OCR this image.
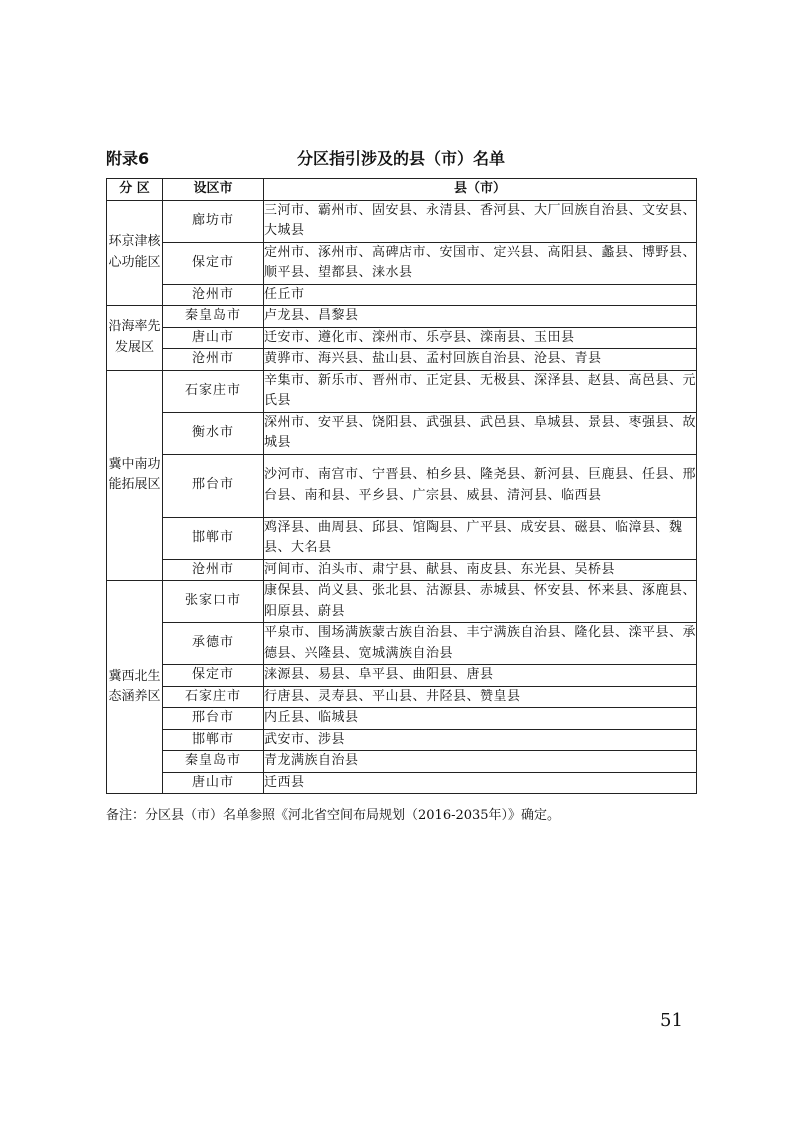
附录6	分区指引涉及的县（市）名单
分 区	设区市	县（市）
环京津核心功能区	廊坊市	三河市、霸州市、固安县、永清县、香河县、大厂回族自治县、文安县、大城县
	保定市	定州市、涿州市、高碑店市、安国市、定兴县、高阳县、蠡县、博野县、顺平县、望都县、涞水县
	沧州市	任丘市
沿海率先发展区	秦皇岛市	卢龙县、昌黎县
	唐山市	迁安市、遵化市、滦州市、乐亭县、滦南县、玉田县
	沧州市	黄骅市、海兴县、盐山县、孟村回族自治县、沧县、青县
冀中南功能拓展区	石家庄市	辛集市、新乐市、晋州市、正定县、无极县、深泽县、赵县、高邑县、元氏县
	衡水市	深州市、安平县、饶阳县、武强县、武邑县、阜城县、景县、枣强县、故城县
	邢台市	沙河市、南宫市、宁晋县、柏乡县、隆尧县、新河县、巨鹿县、任县、邢台县、南和县、平乡县、广宗县、威县、清河县、临西县
	邯郸市	鸡泽县、曲周县、邱县、馆陶县、广平县、成安县、磁县、临漳县、魏县、大名县
	沧州市	河间市、泊头市、肃宁县、献县、南皮县、东光县、吴桥县
冀西北生态涵养区	张家口市	康保县、尚义县、张北县、沽源县、赤城县、怀安县、怀来县、涿鹿县、阳原县、蔚县
	承德市	平泉市、围场满族蒙古族自治县、丰宁满族自治县、隆化县、滦平县、承德县、兴隆县、宽城满族自治县
	保定市	涞源县、易县、阜平县、曲阳县、唐县
	石家庄市	行唐县、灵寿县、平山县、井陉县、赞皇县
	邢台市	内丘县、临城县
	邯郸市	武安市、涉县
	秦皇岛市	青龙满族自治县
	唐山市	迁西县
备注：分区县（市）名单参照《河北省空间布局规划（2016-2035年）》确定。
51
